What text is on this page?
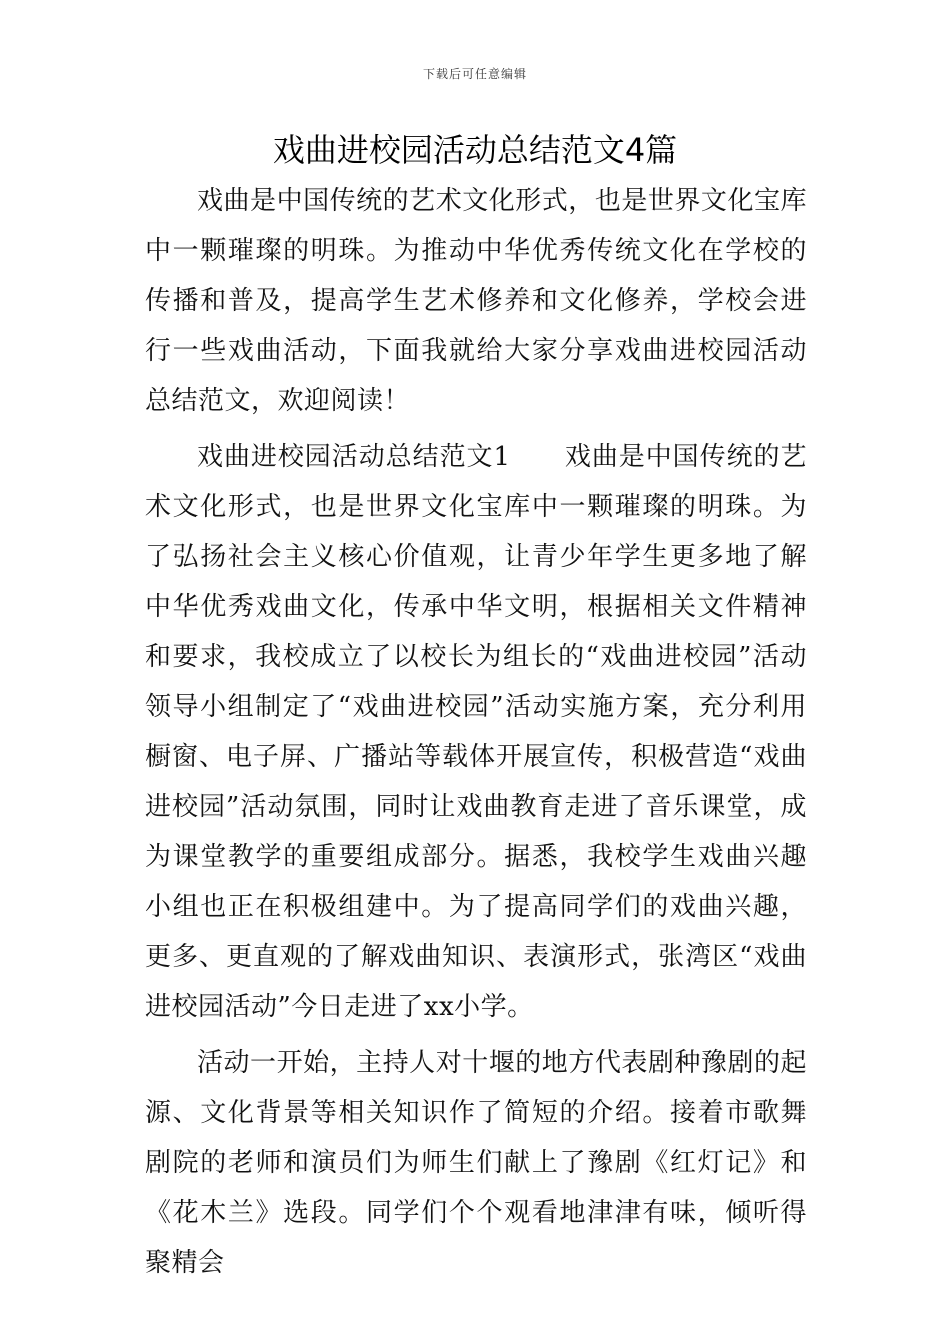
下载后可任意编辑
戏曲进校园活动总结范文4篇

戏曲是中国传统的艺术文化形式，也是世界文化宝库中一颗璀璨的明珠。为推动中华优秀传统文化在学校的传播和普及，提高学生艺术修养和文化修养，学校会进行一些戏曲活动，下面我就给大家分享戏曲进校园活动总结范文，欢迎阅读！

戏曲进校园活动总结范文1　　戏曲是中国传统的艺术文化形式，也是世界文化宝库中一颗璀璨的明珠。为了弘扬社会主义核心价值观，让青少年学生更多地了解中华优秀戏曲文化，传承中华文明，根据相关文件精神和要求，我校成立了以校长为组长的“戏曲进校园”活动领导小组制定了“戏曲进校园”活动实施方案，充分利用橱窗、电子屏、广播站等载体开展宣传，积极营造“戏曲进校园”活动氛围，同时让戏曲教育走进了音乐课堂，成为课堂教学的重要组成部分。据悉，我校学生戏曲兴趣小组也正在积极组建中。为了提高同学们的戏曲兴趣，更多、更直观的了解戏曲知识、表演形式，张湾区“戏曲进校园活动”今日走进了xx小学。

活动一开始，主持人对十堰的地方代表剧种豫剧的起源、文化背景等相关知识作了简短的介绍。接着市歌舞剧院的老师和演员们为师生们献上了豫剧《红灯记》和《花木兰》选段。同学们个个观看地津津有味，倾听得聚精会
